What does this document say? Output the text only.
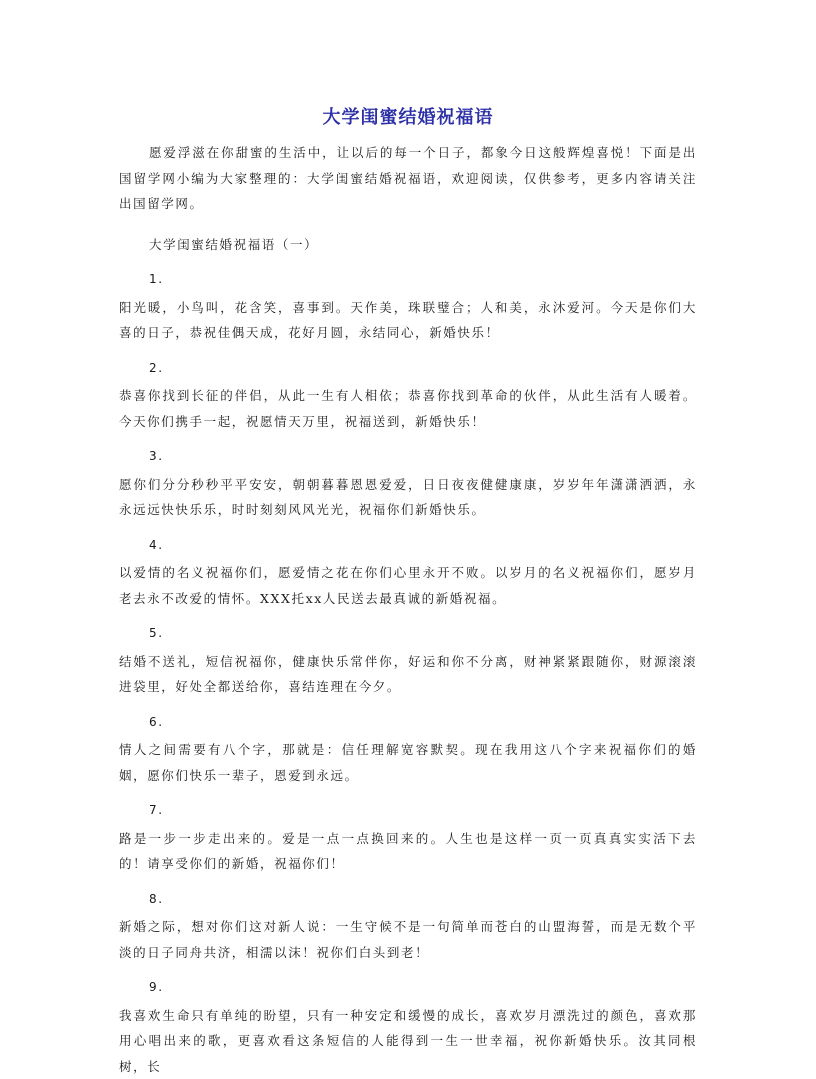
大学闺蜜结婚祝福语

愿爱浮滋在你甜蜜的生活中，让以后的每一个日子，都象今日这般辉煌喜悦！下面是出国留学网小编为大家整理的：大学闺蜜结婚祝福语，欢迎阅读，仅供参考，更多内容请关注出国留学网。

大学闺蜜结婚祝福语（一）

1.

阳光暖，小鸟叫，花含笑，喜事到。天作美，珠联璧合；人和美，永沐爱河。今天是你们大喜的日子，恭祝佳偶天成，花好月圆，永结同心，新婚快乐！

2.

恭喜你找到长征的伴侣，从此一生有人相依；恭喜你找到革命的伙伴，从此生活有人暖着。今天你们携手一起，祝愿情天万里，祝福送到，新婚快乐！

3.

愿你们分分秒秒平平安安，朝朝暮暮恩恩爱爱，日日夜夜健健康康，岁岁年年潇潇洒洒，永永远远快快乐乐，时时刻刻风风光光，祝福你们新婚快乐。

4.

以爱情的名义祝福你们，愿爱情之花在你们心里永开不败。以岁月的名义祝福你们，愿岁月老去永不改爱的情怀。XXX托xx人民送去最真诚的新婚祝福。

5.

结婚不送礼，短信祝福你，健康快乐常伴你，好运和你不分离，财神紧紧跟随你，财源滚滚进袋里，好处全都送给你，喜结连理在今夕。

6.

情人之间需要有八个字，那就是：信任理解宽容默契。现在我用这八个字来祝福你们的婚姻，愿你们快乐一辈子，恩爱到永远。

7.

路是一步一步走出来的。爱是一点一点换回来的。人生也是这样一页一页真真实实活下去的！请享受你们的新婚，祝福你们！

8.

新婚之际，想对你们这对新人说：一生守候不是一句简单而苍白的山盟海誓，而是无数个平淡的日子同舟共济，相濡以沫！祝你们白头到老！

9.

我喜欢生命只有单纯的盼望，只有一种安定和缓慢的成长，喜欢岁月漂洗过的颜色，喜欢那用心唱出来的歌，更喜欢看这条短信的人能得到一生一世幸福，祝你新婚快乐。汝其同根树，长
